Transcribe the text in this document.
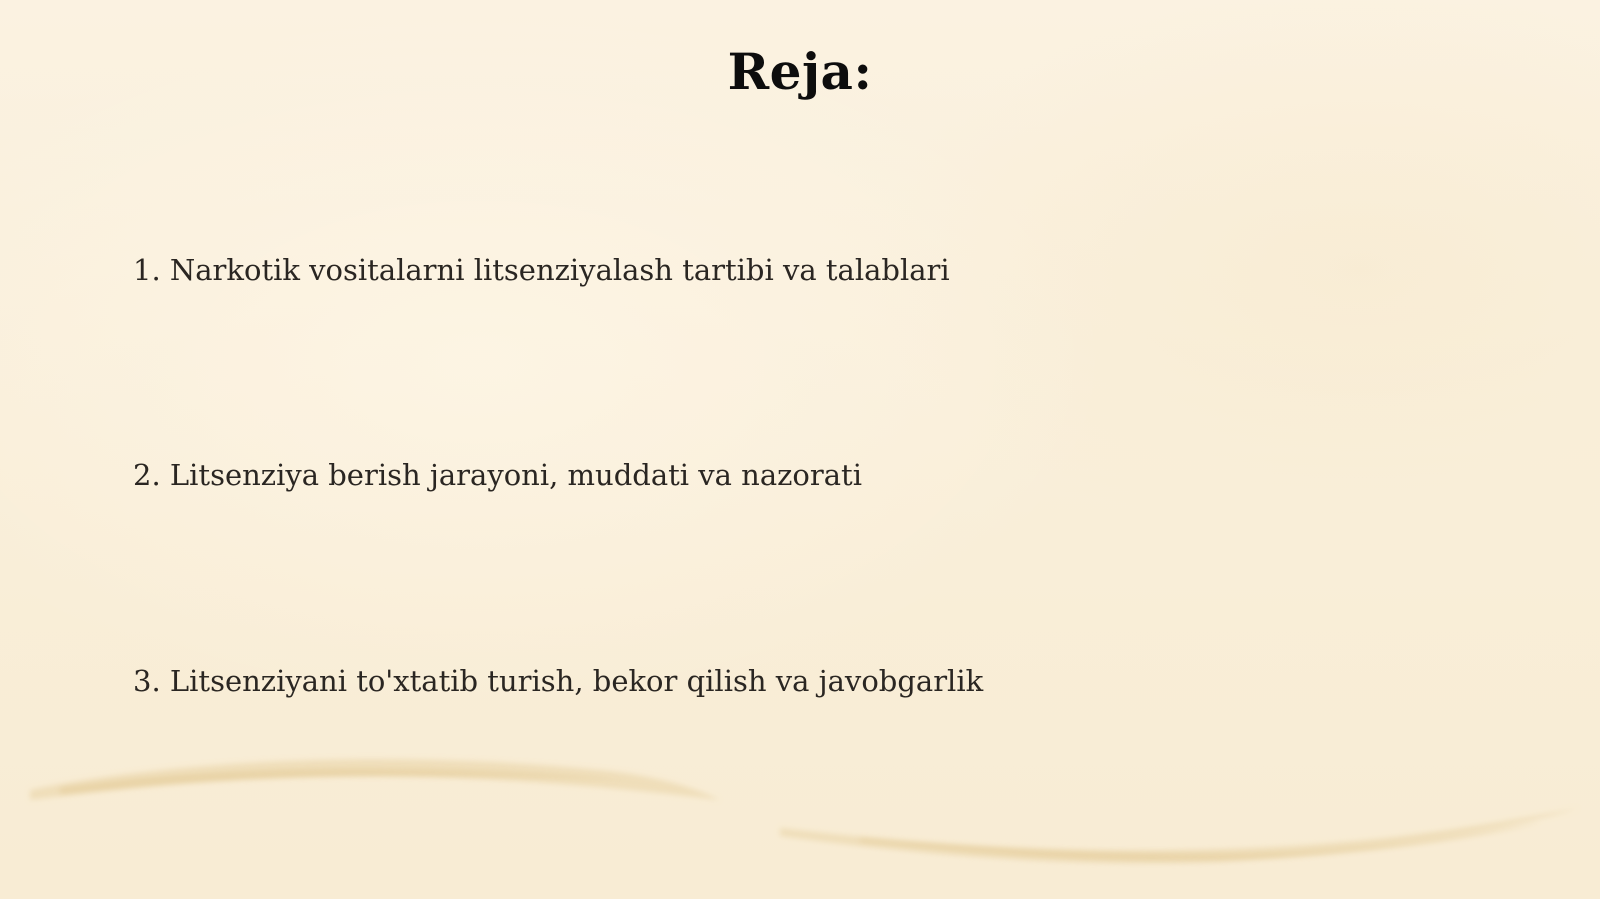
Reja:

1. Narkotik vositalarni litsenziyalash tartibi va talablari

2. Litsenziya berish jarayoni, muddati va nazorati

3. Litsenziyani to'xtatib turish, bekor qilish va javobgarlik
